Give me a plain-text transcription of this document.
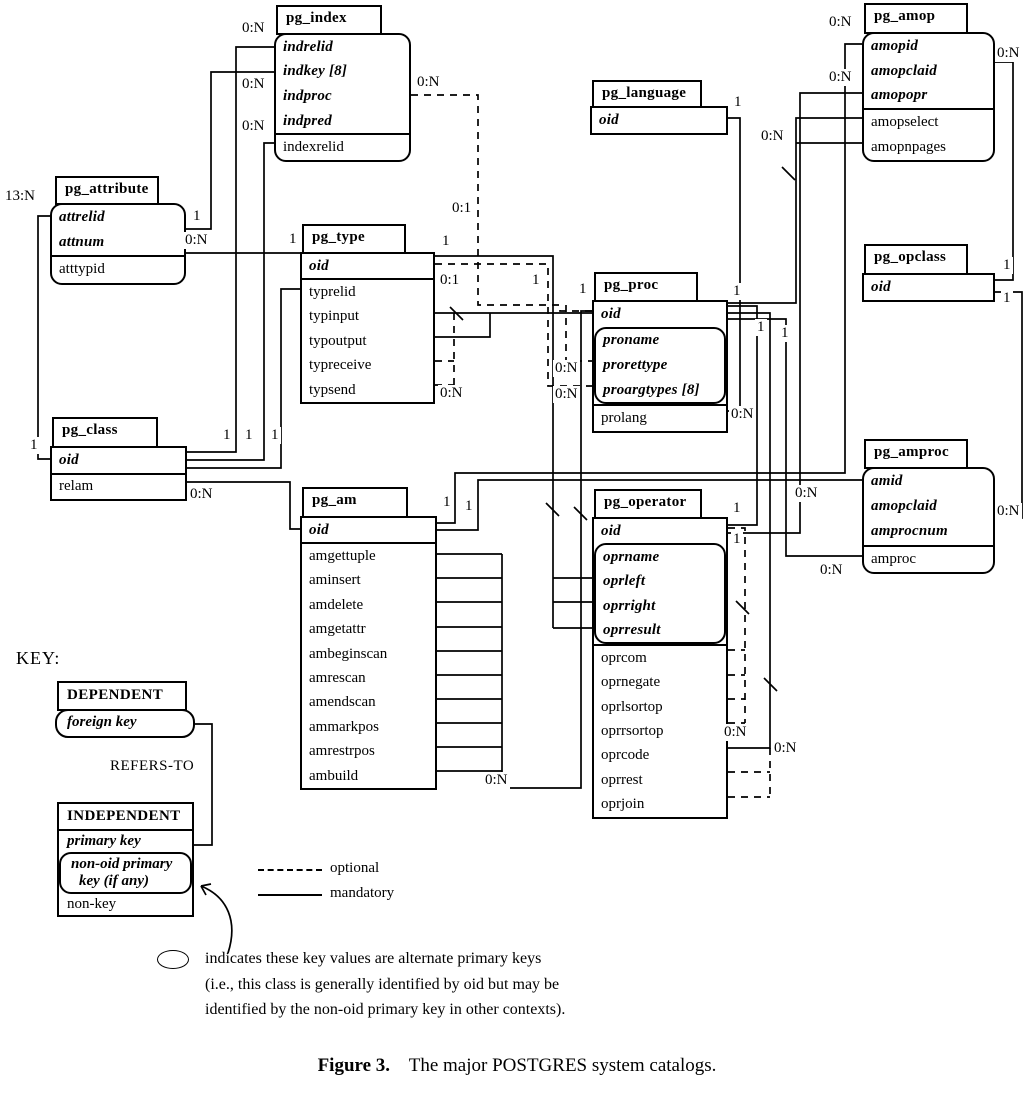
pg_index
indrelid
indkey [8]
indproc
indpred
indexrelid
pg_attribute
attrelid
attnum
atttypid
pg_class
oid
relam
pg_type
oid
typrelid
typinput
typoutput
typreceive
typsend
pg_language
oid
pg_proc
oid
proname
prorettype
proargtypes [8]
prolang
pg_amop
amopid
amopclaid
amopopr
amopselect
amopnpages
pg_opclass
oid
pg_amproc
amid
amopclaid
amprocnum
amproc
pg_am
oid
amgettuple
aminsert
amdelete
amgetattr
ambeginscan
amrescan
amendscan
ammarkpos
amrestrpos
ambuild
pg_operator
oid
oprname
oprleft
oprright
oprresult
oprcom
oprnegate
oprlsortop
oprrsortop
oprcode
oprrest
oprjoin
13:N
0:N
0:N
0:N
0:N
0:1
1
0:N
1
1	1
0:1	1
1
0:N
0:N
0:N
1 1 1
0:N	1 1
0:N
1
1
0:N
0:N
0:N
0:N
1
1
1 1
0:N
1
1
0:N
0:N
0:N
0:N
0:N
KEY:
DEPENDENT
foreign key
REFERS-TO
INDEPENDENT
primary key
non-oid primary
key (if any)
non-key
optional
mandatory
indicates these key values are alternate primary keys
(i.e., this class is generally identified by oid but may be
identified by the non-oid primary key in other contexts).
Figure 3. The major POSTGRES system catalogs.
